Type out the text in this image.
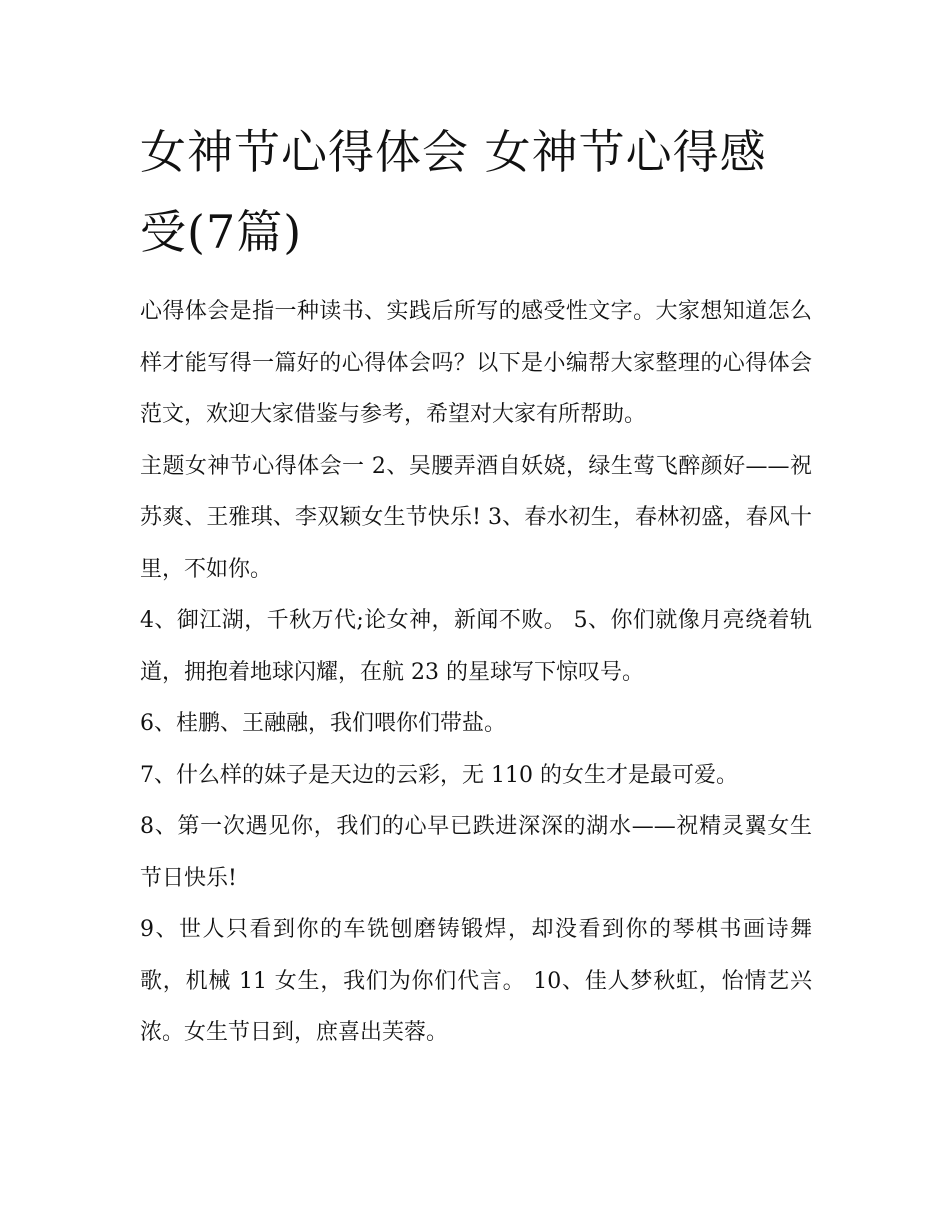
女神节心得体会 女神节心得感受(7篇)

心得体会是指一种读书、实践后所写的感受性文字。大家想知道怎么样才能写得一篇好的心得体会吗？以下是小编帮大家整理的心得体会范文，欢迎大家借鉴与参考，希望对大家有所帮助。

主题女神节心得体会一 2、吴腰弄酒自妖娆，绿生莺飞醉颜好——祝苏爽、王雅琪、李双颖女生节快乐! 3、春水初生，春林初盛，春风十里，不如你。

4、御江湖，千秋万代;论女神，新闻不败。 5、你们就像月亮绕着轨道，拥抱着地球闪耀，在航 23 的星球写下惊叹号。

6、桂鹏、王融融，我们喂你们带盐。

7、什么样的妹子是天边的云彩，无 110 的女生才是最可爱。

8、第一次遇见你，我们的心早已跌进深深的湖水——祝精灵翼女生节日快乐!

9、世人只看到你的车铣刨磨铸锻焊，却没看到你的琴棋书画诗舞歌，机械 11 女生，我们为你们代言。 10、佳人梦秋虹，怡情艺兴浓。女生节日到，庶喜出芙蓉。
